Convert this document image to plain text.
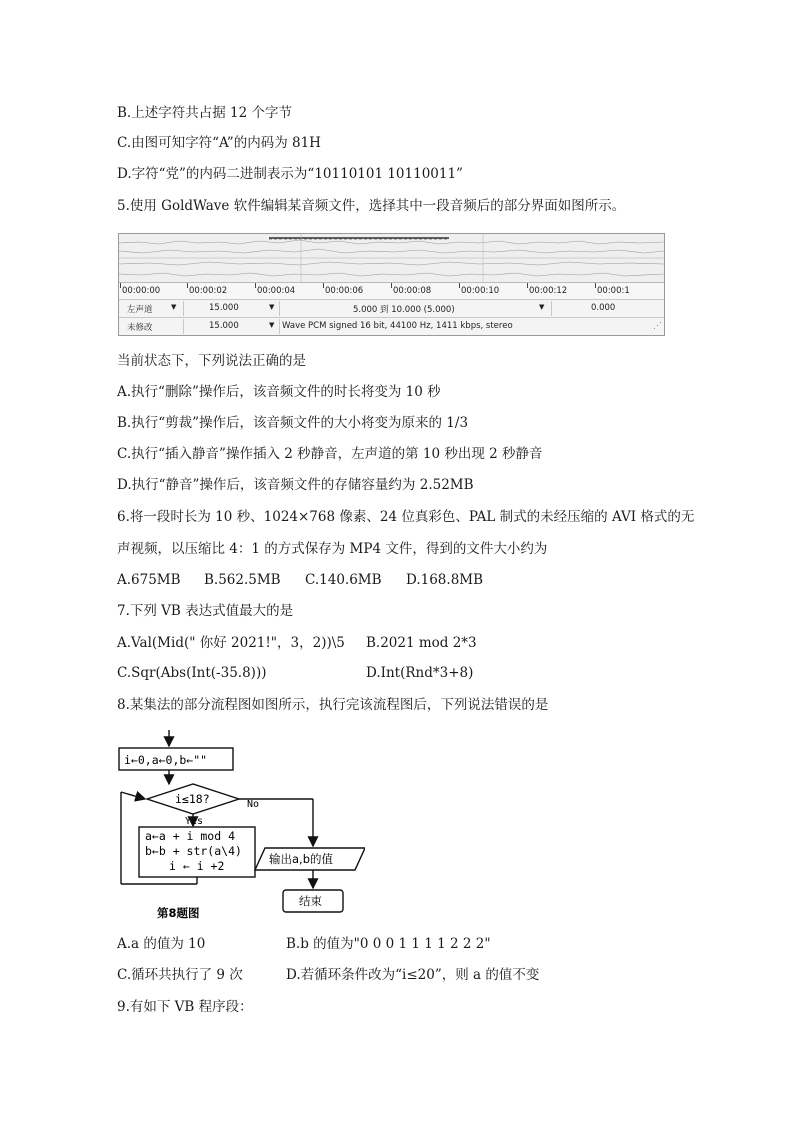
B.上述字符共占据 12 个字节
C.由图可知字符“A”的内码为 81H
D.字符“党”的内码二进制表示为“10110101 10110011”
5.使用 GoldWave 软件编辑某音频文件，选择其中一段音频后的部分界面如图所示。
00:00:00	00:00:02	00:00:04	00:00:06	00:00:08	00:00:10	00:00:12	00:00:1
左声道	▼	15.000	▼	5.000 到 10.000 (5.000)	▼	0.000
未修改	15.000	▼ Wave PCM signed 16 bit, 44100 Hz, 1411 kbps, stereo	⋰
当前状态下，下列说法正确的是
A.执行“删除”操作后，该音频文件的时长将变为 10 秒
B.执行“剪裁”操作后，该音频文件的大小将变为原来的 1/3
C.执行“插入静音”操作插入 2 秒静音，左声道的第 10 秒出现 2 秒静音
D.执行“静音”操作后，该音频文件的存储容量约为 2.52MB
6.将一段时长为 10 秒、1024×768 像素、24 位真彩色、PAL 制式的未经压缩的 AVI 格式的无
声视频，以压缩比 4：1 的方式保存为 MP4 文件，得到的文件大小约为
A.675MB B.562.5MB C.140.6MB D.168.8MB
7.下列 VB 表达式值最大的是
A.Val(Mid(" 你好 2021!"，3，2))\5 B.2021 mod 2*3
C.Sqr(Abs(Int(-35.8)))	D.Int(Rnd*3+8)
8.某集法的部分流程图如图所示，执行完该流程图后，下列说法错误的是
i←0,a←0,b←""
i≤18?	No
Yes
a←a + i mod 4
b←b + str(a\4)
i ← i +2	输出a,b的值
结束
第8题图
A.a 的值为 10	B.b 的值为"0 0 0 1 1 1 1 2 2 2"
C.循环共执行了 9 次	D.若循环条件改为“i≤20”，则 a 的值不变
9.有如下 VB 程序段：
